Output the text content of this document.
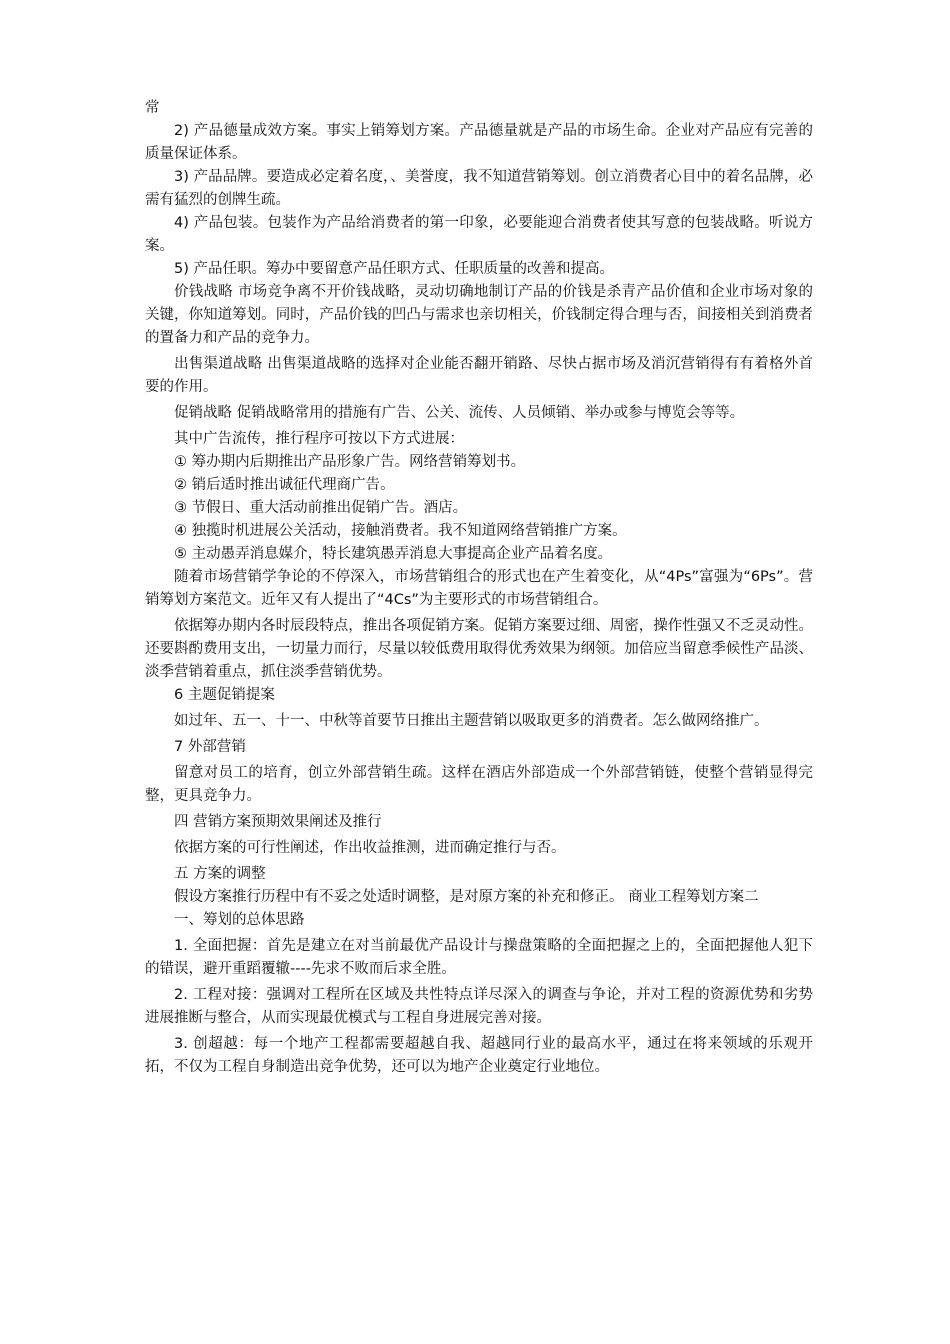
常

2) 产品德量成效方案。事实上销筹划方案。产品德量就是产品的市场生命。企业对产品应有完善的质量保证体系。

3) 产品品牌。要造成必定着名度，、美誉度，我不知道营销筹划。创立消费者心目中的着名品牌，必需有猛烈的创牌生疏。

4) 产品包装。包装作为产品给消费者的第一印象，必要能迎合消费者使其写意的包装战略。听说方案。

5) 产品任职。筹办中要留意产品任职方式、任职质量的改善和提高。

价钱战略 市场竞争离不开价钱战略，灵动切确地制订产品的价钱是杀青产品价值和企业市场对象的关键，你知道筹划。同时，产品价钱的凹凸与需求也亲切相关，价钱制定得合理与否，间接相关到消费者的置备力和产品的竞争力。

出售渠道战略 出售渠道战略的选择对企业能否翻开销路、尽快占据市场及消沉营销得有有着格外首要的作用。

促销战略 促销战略常用的措施有广告、公关、流传、人员倾销、举办或参与博览会等等。

其中广告流传，推行程序可按以下方式进展：

① 筹办期内后期推出产品形象广告。网络营销筹划书。

② 销后适时推出诚征代理商广告。

③ 节假日、重大活动前推出促销广告。酒店。

④ 独揽时机进展公关活动，接触消费者。我不知道网络营销推广方案。

⑤ 主动愚弄消息媒介，特长建筑愚弄消息大事提高企业产品着名度。

随着市场营销学争论的不停深入，市场营销组合的形式也在产生着变化，从“4Ps”富强为“6Ps”。营销筹划方案范文。近年又有人提出了“4Cs”为主要形式的市场营销组合。

依据筹办期内各时辰段特点，推出各项促销方案。促销方案要过细、周密，操作性强又不乏灵动性。还要斟酌费用支出，一切量力而行，尽量以较低费用取得优秀效果为纲领。加倍应当留意季候性产品淡、淡季营销着重点，抓住淡季营销优势。

6 主题促销提案

如过年、五一、十一、中秋等首要节日推出主题营销以吸取更多的消费者。怎么做网络推广。

7 外部营销

留意对员工的培育，创立外部营销生疏。这样在酒店外部造成一个外部营销链，使整个营销显得完整，更具竞争力。

四 营销方案预期效果阐述及推行

依据方案的可行性阐述，作出收益推测，进而确定推行与否。

五 方案的调整

假设方案推行历程中有不妥之处适时调整，是对原方案的补充和修正。 商业工程筹划方案二

一、筹划的总体思路

1. 全面把握：首先是建立在对当前最优产品设计与操盘策略的全面把握之上的，全面把握他人犯下的错误，避开重蹈覆辙----先求不败而后求全胜。

2. 工程对接：强调对工程所在区域及共性特点详尽深入的调查与争论，并对工程的资源优势和劣势进展推断与整合，从而实现最优模式与工程自身进展完善对接。

3. 创超越：每一个地产工程都需要超越自我、超越同行业的最高水平，通过在将来领域的乐观开拓，不仅为工程自身制造出竞争优势，还可以为地产企业奠定行业地位。
